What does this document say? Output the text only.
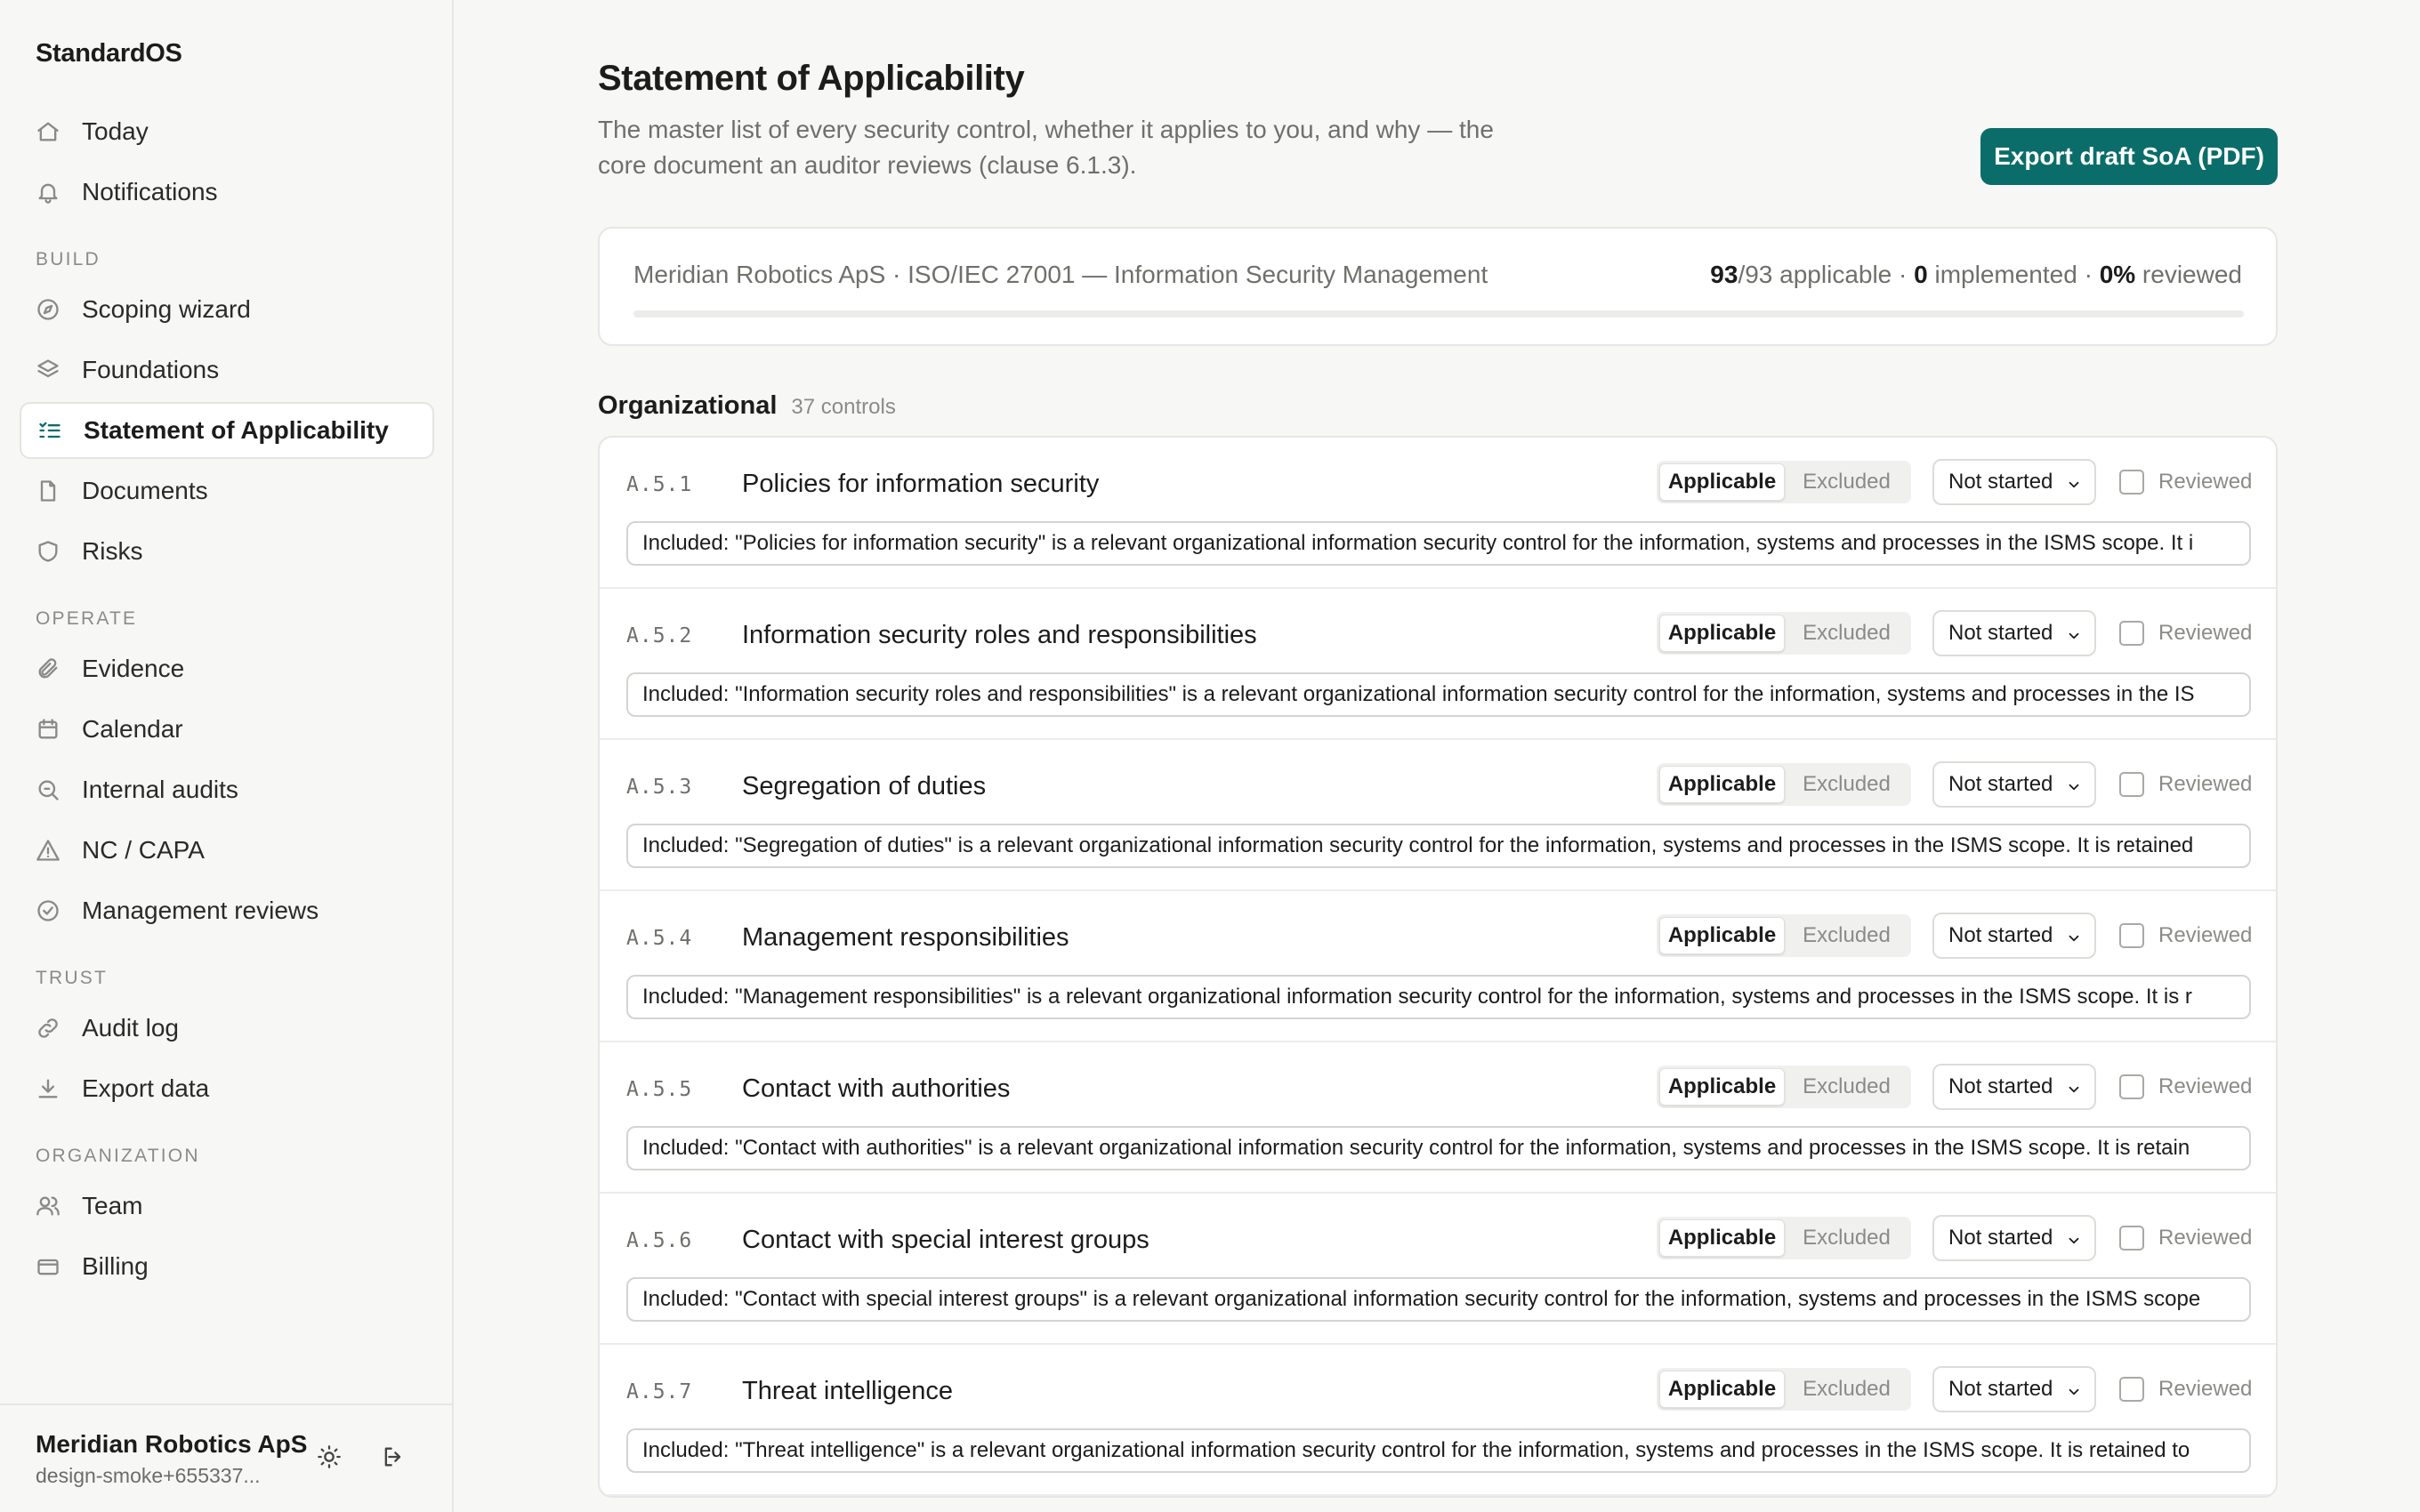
StandardOS
Today
Notifications
BUILD
Scoping wizard
Foundations
Statement of Applicability
Documents
Risks
OPERATE
Evidence
Calendar
Internal audits
NC / CAPA
Management reviews
TRUST
Audit log
Export data
ORGANIZATION
Team
Billing
Meridian Robotics ApS
design-smoke+655337...
Statement of Applicability

The master list of every security control, whether it applies to you, and why — the core document an auditor reviews (clause 6.1.3).	Export draft SoA (PDF)
Meridian Robotics ApS · ISO/IEC 27001 — Information Security Management	93/93 applicable · 0 implemented · 0% reviewed
Organizational 37 controls
A.5.1 Policies for information security	Applicable	Excluded	Not started	Reviewed
Included: "Policies for information security" is a relevant organizational information security control for the information, systems and processes in the ISMS scope. It i
A.5.2 Information security roles and responsibilities	Applicable	Excluded	Not started	Reviewed
Included: "Information security roles and responsibilities" is a relevant organizational information security control for the information, systems and processes in the IS
A.5.3 Segregation of duties	Applicable	Excluded	Not started	Reviewed
Included: "Segregation of duties" is a relevant organizational information security control for the information, systems and processes in the ISMS scope. It is retained
A.5.4 Management responsibilities	Applicable	Excluded	Not started	Reviewed
Included: "Management responsibilities" is a relevant organizational information security control for the information, systems and processes in the ISMS scope. It is r
A.5.5 Contact with authorities	Applicable	Excluded	Not started	Reviewed
Included: "Contact with authorities" is a relevant organizational information security control for the information, systems and processes in the ISMS scope. It is retain
A.5.6 Contact with special interest groups	Applicable	Excluded	Not started	Reviewed
Included: "Contact with special interest groups" is a relevant organizational information security control for the information, systems and processes in the ISMS scope
A.5.7 Threat intelligence	Applicable	Excluded	Not started	Reviewed
Included: "Threat intelligence" is a relevant organizational information security control for the information, systems and processes in the ISMS scope. It is retained to
